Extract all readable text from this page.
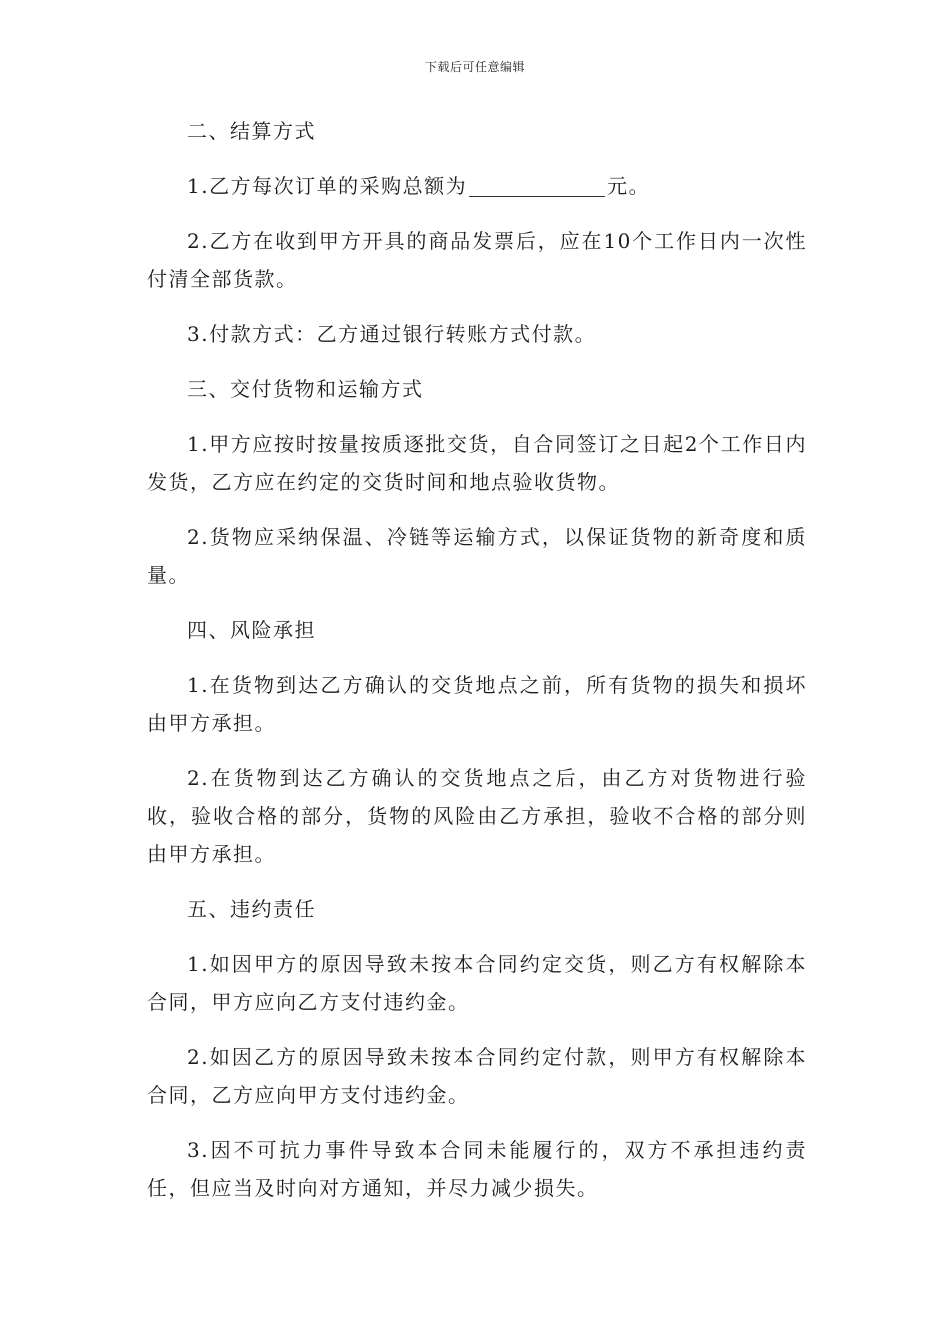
下载后可任意编辑

二、结算方式

1.乙方每次订单的采购总额为	元。

2.乙方在收到甲方开具的商品发票后，应在10个工作日内一次性付清全部货款。

3.付款方式：乙方通过银行转账方式付款。

三、交付货物和运输方式

1.甲方应按时按量按质逐批交货，自合同签订之日起2个工作日内发货，乙方应在约定的交货时间和地点验收货物。

2.货物应采纳保温、冷链等运输方式，以保证货物的新奇度和质量。

四、风险承担

1.在货物到达乙方确认的交货地点之前，所有货物的损失和损坏由甲方承担。

2.在货物到达乙方确认的交货地点之后，由乙方对货物进行验收，验收合格的部分，货物的风险由乙方承担，验收不合格的部分则由甲方承担。

五、违约责任

1.如因甲方的原因导致未按本合同约定交货，则乙方有权解除本合同，甲方应向乙方支付违约金。

2.如因乙方的原因导致未按本合同约定付款，则甲方有权解除本合同，乙方应向甲方支付违约金。

3.因不可抗力事件导致本合同未能履行的，双方不承担违约责任，但应当及时向对方通知，并尽力减少损失。
